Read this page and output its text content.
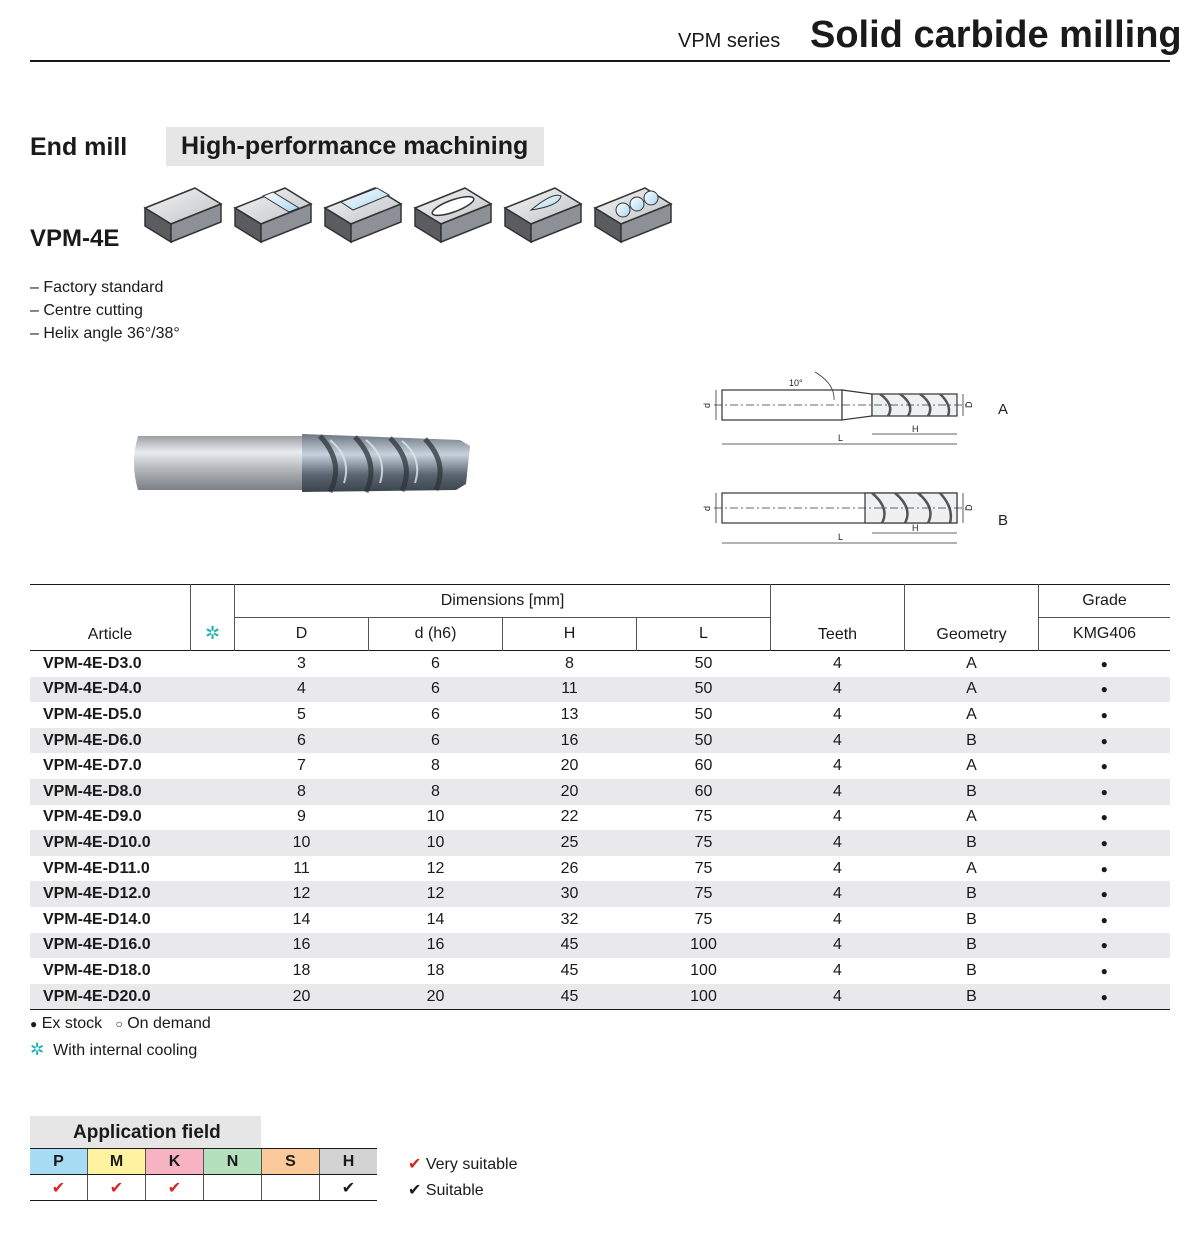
VPM series Solid carbide milling
End mill High-performance machining
VPM-4E
– Factory standard
– Centre cutting
– Helix angle 36°/38°
10°
d	D
L
H
A
d	D
L
H	B
Article	✲	Dimensions [mm]				Teeth	Geometry	Grade
		D	d (h6)	H	L			KMG406
VPM-4E-D3.0		3	6	8	50	4	A	●
VPM-4E-D4.0		4	6	11	50	4	A	●
VPM-4E-D5.0		5	6	13	50	4	A	●
VPM-4E-D6.0		6	6	16	50	4	B	●
VPM-4E-D7.0		7	8	20	60	4	A	●
VPM-4E-D8.0		8	8	20	60	4	B	●
VPM-4E-D9.0		9	10	22	75	4	A	●
VPM-4E-D10.0		10	10	25	75	4	B	●
VPM-4E-D11.0		11	12	26	75	4	A	●
VPM-4E-D12.0		12	12	30	75	4	B	●
VPM-4E-D14.0		14	14	32	75	4	B	●
VPM-4E-D16.0		16	16	45	100	4	B	●
VPM-4E-D18.0		18	18	45	100	4	B	●
VPM-4E-D20.0		20	20	45	100	4	B	●
● Ex stock ○ On demand
✲ With internal cooling
Application field
P	M	K	N	S	H
✔	✔	✔			✔
✔ Very suitable
✔ Suitable
